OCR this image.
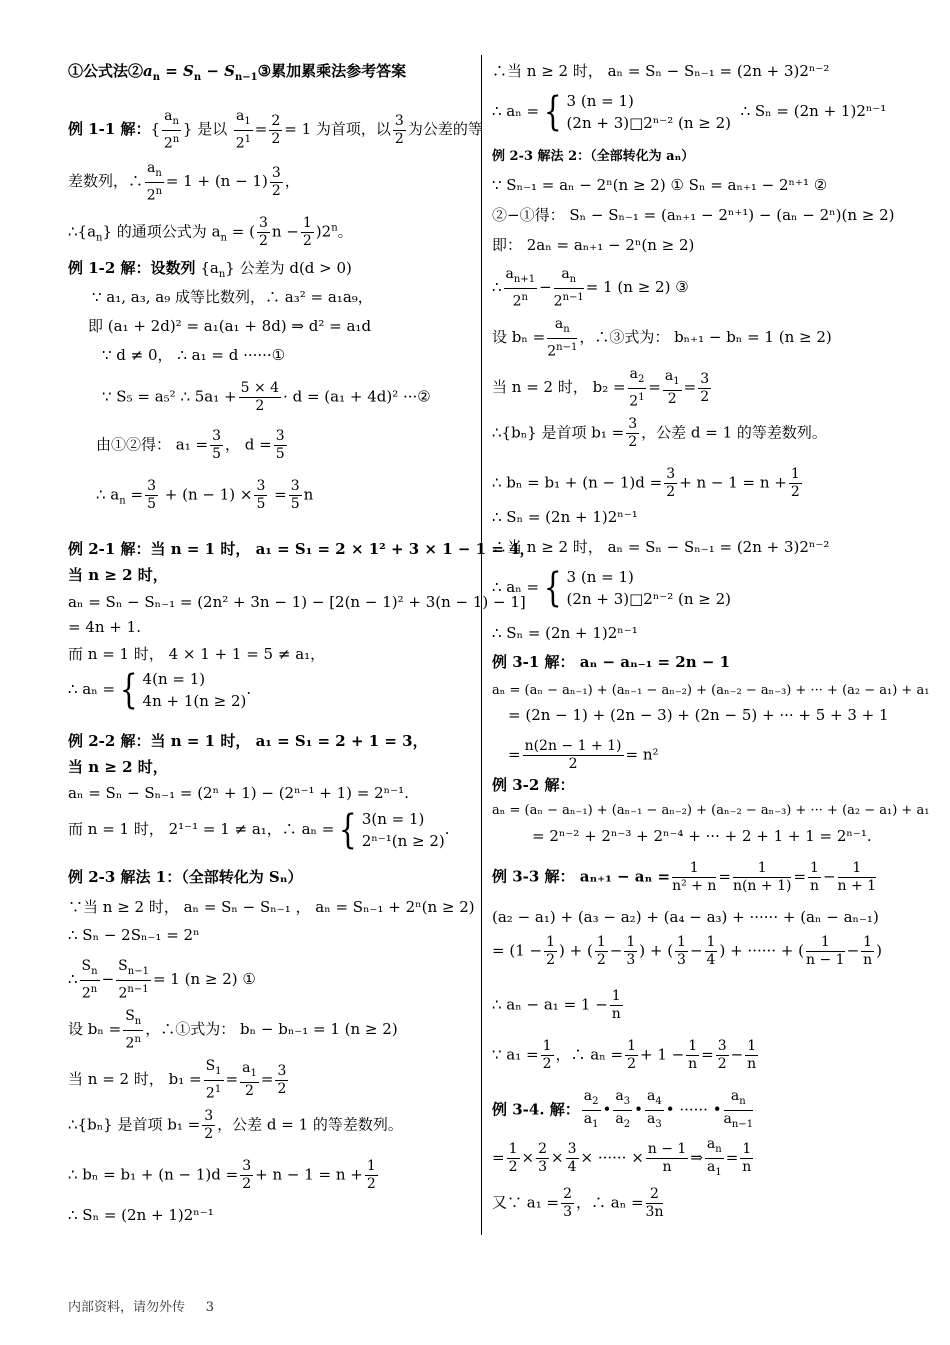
①公式法$②a_n = S_n$ − $S_{n-1}③$累加累乘法参考答案
例 1-1 解：{ $\frac{a_n}{2^n}$ } 是以 $\frac{a_1}{2^1} = \frac{2}{2} = 1$ 为首项，以 $\frac{3}{2}$ 为公差的等
差数列，∴ $\frac{a_n}{2^n} = 1 + (n - 1) \frac{3}{2}$ ，
$\therefore\{a_n\}$ 的通项公式为 $a_n$ = ( $\frac{3}{2}$ $n - \frac{1}{2} )2^n$。
例 1-2 解：设数列 $\{a_n\}$ 公差为 d(d > 0)
∵ a₁, a₃, a₉ 成等比数列，∴ a₃² = a₁a₉，
即 (a₁ + 2d)² = a₁(a₁ + 8d) ⇒ d² = a₁d
∵ d ≠ 0， ∴ a₁ = d ······①
∵ S₅ = a₅² ∴ $5a_1 + \frac{5 \times 4}{2} \cdot d = (a_1 + 4d)^2$ ···②
由①②得： $a_1 = \frac{3}{5}$ ， $d = \frac{3}{5}$
∴ $a_n = \frac{3}{5} + (n - 1) \times \frac{3}{5} = \frac{3}{5}$ n
例 2-1 解：当 n = 1 时， a₁ = S₁ = 2 × 1² + 3 × 1 − 1 = 4，
当 n ≥ 2 时，
aₙ = Sₙ − Sₙ₋₁ = (2n² + 3n − 1) − [2(n − 1)² + 3(n − 1) − 1]
= 4n + 1.
而 n = 1 时， 4 × 1 + 1 = 5 ≠ a₁，
∴ aₙ = { 4(n = 1)
4n + 1(n ≥ 2)
.
例 2-2 解：当 n = 1 时， a₁ = S₁ = 2 + 1 = 3，
当 n ≥ 2 时，
aₙ = Sₙ − Sₙ₋₁ = (2ⁿ + 1) − (2ⁿ⁻¹ + 1) = 2ⁿ⁻¹.
而 n = 1 时， 2¹⁻¹ = 1 ≠ a₁，∴ aₙ = { 3(n = 1)
2ⁿ⁻¹(n ≥ 2)
.
例 2-3 解法 1：（全部转化为 Sₙ）
∵当 n ≥ 2 时， aₙ = Sₙ − Sₙ₋₁ ， aₙ = Sₙ₋₁ + 2ⁿ(n ≥ 2)
∴ Sₙ − 2Sₙ₋₁ = 2ⁿ
∴ $\frac{S_n}{2^n} - \frac{S_{n-1}}{2^{n-1}} = 1$ (n ≥ 2) ①
设 $b_n = \frac{S_n}{2^n}$ ，∴①式为： bₙ − bₙ₋₁ = 1 (n ≥ 2)
当 n = 2 时， $b_1 = \frac{S_1}{2^1} = \frac{a_1}{2} = \frac{3}{2}$
∴{bₙ} 是首项 $b_1 = \frac{3}{2}$ ，公差 d = 1 的等差数列。
∴ $b_n = b_1 + (n - 1)d = \frac{3}{2} + n - 1 = n + \frac{1}{2}$
∴ Sₙ = (2n + 1)2ⁿ⁻¹
∴当 n ≥ 2 时， aₙ = Sₙ − Sₙ₋₁ = (2n + 3)2ⁿ⁻²
∴ aₙ = { 3 (n = 1)
(2n + 3)□2ⁿ⁻² (n ≥ 2)
∴ Sₙ = (2n + 1)2ⁿ⁻¹
例 2-3 解法 2：（全部转化为 aₙ）
∵ Sₙ₋₁ = aₙ − 2ⁿ(n ≥ 2) ① Sₙ = aₙ₊₁ − 2ⁿ⁺¹ ②
②−①得： Sₙ − Sₙ₋₁ = (aₙ₊₁ − 2ⁿ⁺¹) − (aₙ − 2ⁿ)(n ≥ 2)
即： 2aₙ = aₙ₊₁ − 2ⁿ(n ≥ 2)
∴ $\frac{a_{n+1}}{2^n} - \frac{a_n}{2^{n-1}} = 1$ (n ≥ 2) ③
设 $b_n = \frac{a_n}{2^{n-1}}$ ，∴③式为： bₙ₊₁ − bₙ = 1 (n ≥ 2)
当 n = 2 时， $b_2 = \frac{a_2}{2^1} = \frac{a_1}{2} = \frac{3}{2}$
∴{bₙ} 是首项 $b_1 = \frac{3}{2}$ ，公差 d = 1 的等差数列。
∴ $b_n = b_1 + (n - 1)d = \frac{3}{2} + n - 1 = n + \frac{1}{2}$
∴ Sₙ = (2n + 1)2ⁿ⁻¹
∴当 n ≥ 2 时， aₙ = Sₙ − Sₙ₋₁ = (2n + 3)2ⁿ⁻²
∴ aₙ = { 3 (n = 1)
(2n + 3)□2ⁿ⁻² (n ≥ 2)
∴ Sₙ = (2n + 1)2ⁿ⁻¹
例 3-1 解： aₙ − aₙ₋₁ = 2n − 1
aₙ = (aₙ − aₙ₋₁) + (aₙ₋₁ − aₙ₋₂) + (aₙ₋₂ − aₙ₋₃) + ··· + (a₂ − a₁) + a₁
= (2n − 1) + (2n − 3) + (2n − 5) + ··· + 5 + 3 + 1
= $\frac{n(2n - 1 + 1)}{2} = n^2$
例 3-2 解：
aₙ = (aₙ − aₙ₋₁) + (aₙ₋₁ − aₙ₋₂) + (aₙ₋₂ − aₙ₋₃) + ··· + (a₂ − a₁) + a₁
= 2ⁿ⁻² + 2ⁿ⁻³ + 2ⁿ⁻⁴ + ··· + 2 + 1 + 1 = 2ⁿ⁻¹.
例 3-3 解： $a_{n+1} - a_n = \frac{1}{\text{n² + n}} = \frac{1}{n(n + 1)} = \frac{1}{n} - \frac{1}{n + 1}$
(a₂ − a₁) + (a₃ − a₂) + (a₄ − a₃) + ······ + (aₙ − aₙ₋₁)
= ($1 - \frac{1}{2}$ ) + ( $\frac{1}{2} - \frac{1}{3}$ ) + ( $\frac{1}{3} - \frac{1}{4}$ ) + ······ + ( $\frac{1}{n - 1} - \frac{1}{n}$ )
∴ $a_n - a_1 = 1 - \frac{1}{n}$
∵ $a_1 = \frac{1}{2}$ ，∴ $a_n = \frac{1}{2} + 1 - \frac{1}{n} = \frac{3}{2} - \frac{1}{n}$
例 3-4. 解： $\frac{a_2}{a_1}$ • $\frac{a_3}{a_2}$ • $\frac{a_4}{a_3}$ • ······ • $\frac{a_n}{a_{n-1}}$
= $\frac{1}{2} \times \frac{2}{3} \times \frac{3}{4}$ × ······ × $\frac{n - 1}{n}$ ⇒ $\frac{a_n}{a_1} = \frac{1}{n}$
又∵ $a_1 = \frac{2}{3}$ ，∴ $a_n = \frac{2}{3n}$
内部资料，请勿外传 3
